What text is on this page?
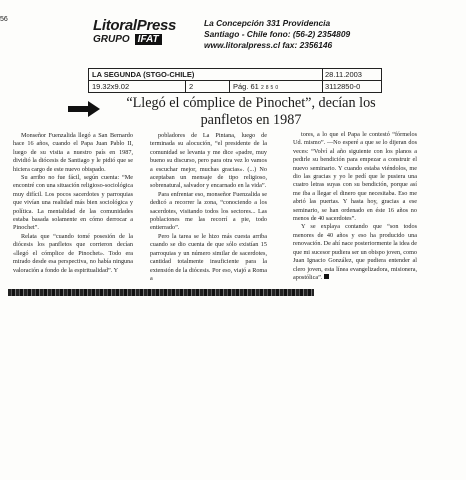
56	LitoralPress
GRUPO IFAT
La Concepción 331 Providencia
Santiago - Chile fono: (56-2) 2354809
www.litoralpress.cl fax: 2356146
LA SEGUNDA (STGO-CHILE)	28.11.2003
19.32x9.02	2	Pág. 61	3112850-0
2850
“Llegó el cómplice de Pinochet”, decían los panfletos en 1987

Monseñor Fuenzalida llegó a San Bernardo hace 16 años, cuando el Papa Juan Pablo II, luego de su visita a nuestro país en 1987, dividió la diócesis de Santiago y le pidió que se hiciera cargo de este nuevo obispado.

Su arribo no fue fácil, según cuenta: “Me encontré con una situación religioso-sociológica muy difícil. Los pocos sacerdotes y parroquias que vivían una realidad más bien sociológica y política. La mentalidad de las comunidades estaba basada solamente en cómo derrocar a Pinochet”.

Relata que “cuando tomé posesión de la diócesis los panfletos que corrieron decían «llegó el cómplice de Pinochet». Todo era mirado desde esa perspectiva, no había ninguna valoración a fondo de la espiritualidad”. Y

pobladores de La Pintana, luego de terminada su alocución, “el presidente de la comunidad se levanta y me dice «padre, muy bueno su discurso, pero para otra vez lo vamos a escuchar mejor, muchas gracias». (...) No aceptaban un mensaje de tipo religioso, sobrenatural, salvador y encarnado en la vida”.

Para enfrentar eso, monseñor Fuenzalida se dedicó a recorrer la zona, “conociendo a los sacerdotes, visitando todos los sectores... Las poblaciones me las recorrí a pie, todo entierrado”.

Pero la tarea se le hizo más cuesta arriba cuando se dio cuenta de que sólo existían 15 parroquias y un número similar de sacerdotes, cantidad totalmente insuficiente para la extensión de la diócesis. Por eso, viajó a Roma a

tores, a lo que el Papa le contestó “fórmelos Ud. mismo”. —No esperé a que se lo dijeran dos veces: “Volví al año siguiente con los planos a pedirle su bendición para empezar a construir el nuevo seminario. Y cuando estaba viéndolos, me dio las gracias y yo le pedí que le pusiera una cuatro letras suyas con su bendición, porque así me iba a llegar el dinero que necesitaba. Eso me abrió las puertas. Y hasta hoy, gracias a ese seminario, se han ordenado en éste 16 años no menos de 40 sacerdotes”.

Y se explaya contando que “son todos menores de 40 años y eso ha producido una renovación. De ahí nace posteriormente la idea de que mi sucesor pudiera ser un obispo joven, como Juan Ignacio González, que pudiera entender al clero joven, esta línea evangelizadora, misionera, apostólica”.
